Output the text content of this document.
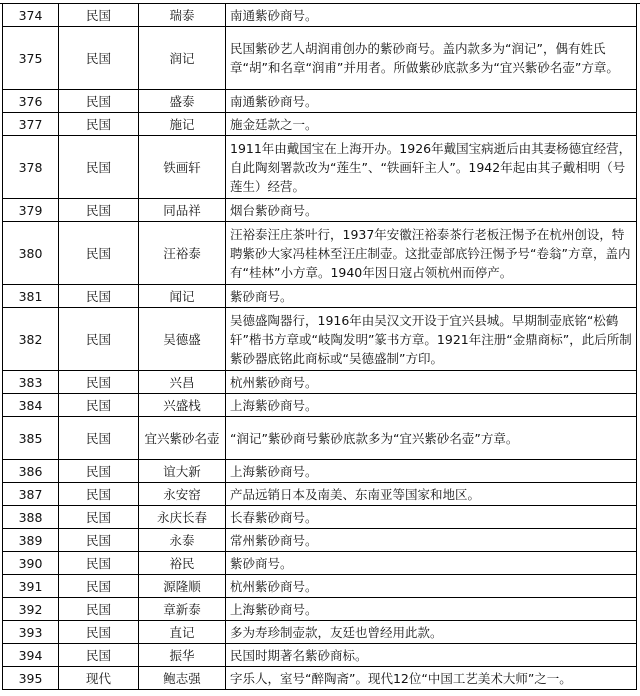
374	民国	瑞泰	南通紫砂商号。
375	民国	润记	民国紫砂艺人胡润甫创办的紫砂商号。盖内款多为“润记”，偶有姓氏章“胡”和名章“润甫”并用者。所做紫砂底款多为“宜兴紫砂名壶”方章。
376	民国	盛泰	南通紫砂商号。
377	民国	施记	施金廷款之一。
378	民国	铁画轩	1911年由戴国宝在上海开办。1926年戴国宝病逝后由其妻杨德宜经营，自此陶刻署款改为“莲生”、“铁画轩主人”。1942年起由其子戴相明（号莲生）经营。
379	民国	同品祥	烟台紫砂商号。
380	民国	汪裕泰	汪裕泰汪庄茶叶行，1937年安徽汪裕泰茶行老板汪惕予在杭州创设，特聘紫砂大家冯桂林至汪庄制壶。这批壶部底钤汪惕予号“卷翁”方章，盖内有“桂林”小方章。1940年因日寇占领杭州而停产。
381	民国	闻记	紫砂商号。
382	民国	吴德盛	吴德盛陶器行，1916年由吴汉文开设于宜兴县城。早期制壶底铭“松鹤轩”楷书方章或“岐陶发明”篆书方章。1921年注册“金鼎商标”，此后所制紫砂器底铭此商标或“吴德盛制”方印。
383	民国	兴昌	杭州紫砂商号。
384	民国	兴盛栈	上海紫砂商号。
385	民国	宜兴紫砂名壶	“润记”紫砂商号紫砂底款多为“宜兴紫砂名壶”方章。
386	民国	谊大新	上海紫砂商号。
387	民国	永安窑	产品远销日本及南美、东南亚等国家和地区。
388	民国	永庆长春	长春紫砂商号。
389	民国	永泰	常州紫砂商号。
390	民国	裕民	紫砂商号。
391	民国	源隆顺	杭州紫砂商号。
392	民国	章新泰	上海紫砂商号。
393	民国	直记	多为寿珍制壶款，友廷也曾经用此款。
394	民国	振华	民国时期著名紫砂商标。
395	现代	鲍志强	字乐人，室号“醉陶斋”。现代12位“中国工艺美术大师”之一。
